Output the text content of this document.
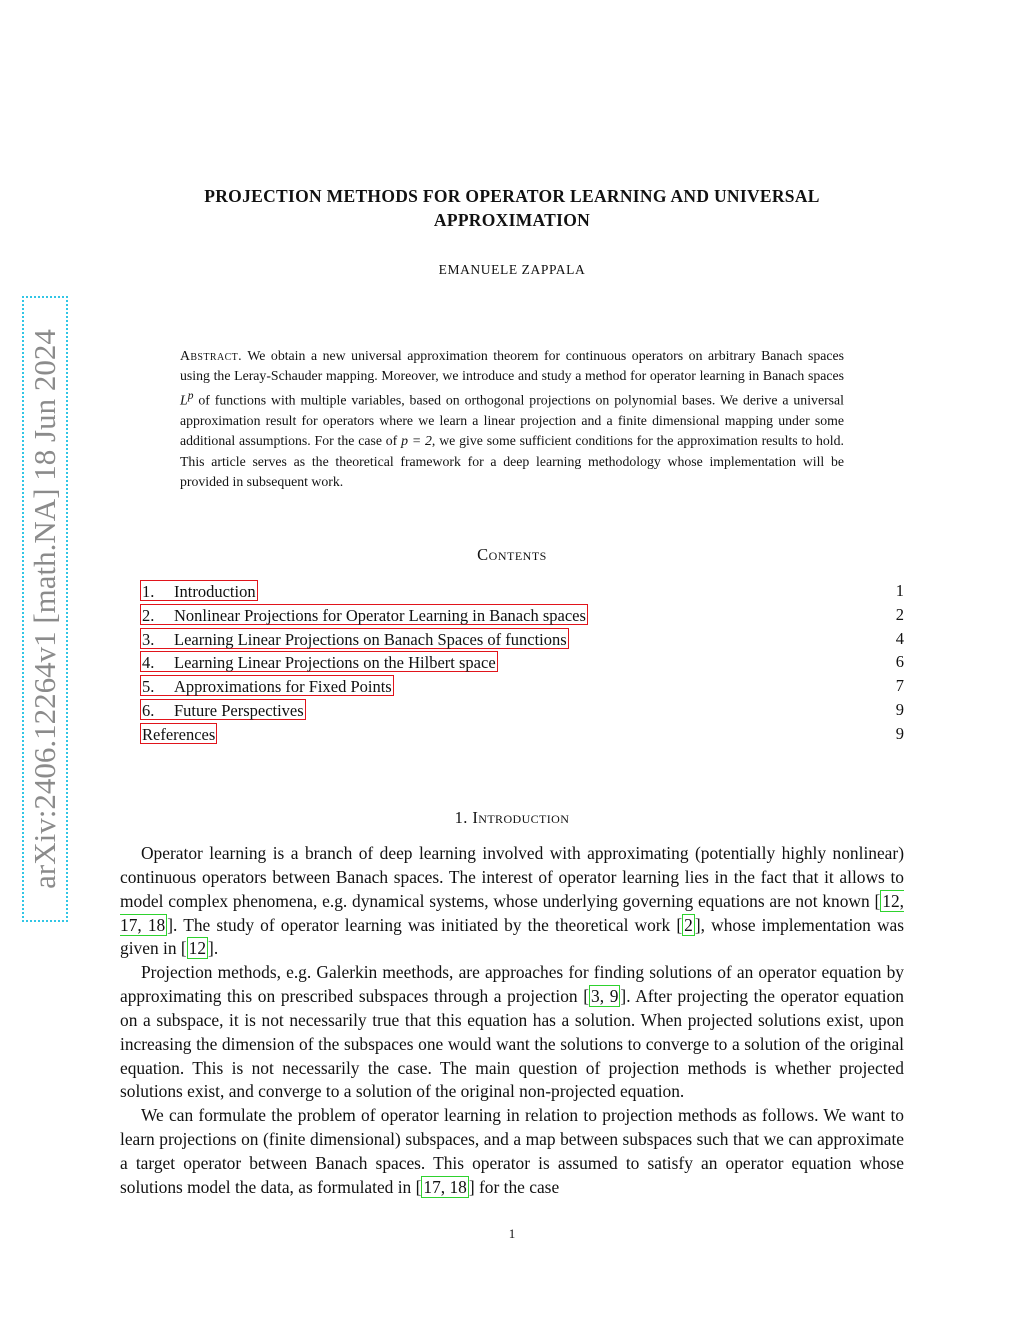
arXiv:2406.12264v1 [math.NA] 18 Jun 2024
PROJECTION METHODS FOR OPERATOR LEARNING AND UNIVERSAL
APPROXIMATION
EMANUELE ZAPPALA
Abstract. We obtain a new universal approximation theorem for continuous operators on arbitrary Banach spaces using the Leray-Schauder mapping. Moreover, we introduce and study a method for operator learning in Banach spaces $L^p$ of functions with multiple variables, based on orthogonal projections on polynomial bases. We derive a universal approximation result for operators where we learn a linear projection and a finite dimensional mapping under some additional assumptions. For the case of p = 2, we give some sufficient conditions for the approximation results to hold. This article serves as the theoretical framework for a deep learning methodology whose implementation will be provided in subsequent work.
Contents
1. Introduction	1
2. Nonlinear Projections for Operator Learning in Banach spaces	2
3. Learning Linear Projections on Banach Spaces of functions	4
4. Learning Linear Projections on the Hilbert space	6
5. Approximations for Fixed Points	7
6. Future Perspectives	9
References	9
1. Introduction

Operator learning is a branch of deep learning involved with approximating (potentially highly nonlinear) continuous operators between Banach spaces. The interest of operator learning lies in the fact that it allows to model complex phenomena, e.g. dynamical systems, whose underlying governing equations are not known [ 12, 17, 18 ]. The study of operator learning was initiated by the theoretical work [ 2 ], whose implementation was given in [ 12 ].

Projection methods, e.g. Galerkin meethods, are approaches for finding solutions of an operator equation by approximating this on prescribed subspaces through a projection [ 3, 9 ]. After projecting the operator equation on a subspace, it is not necessarily true that this equation has a solution. When projected solutions exist, upon increasing the dimension of the subspaces one would want the solutions to converge to a solution of the original equation. This is not necessarily the case. The main question of projection methods is whether projected solutions exist, and converge to a solution of the original non-projected equation.

We can formulate the problem of operator learning in relation to projection methods as follows. We want to learn projections on (finite dimensional) subspaces, and a map between subspaces such that we can approximate a target operator between Banach spaces. This operator is assumed to satisfy an operator equation whose solutions model the data, as formulated in [ 17, 18 ] for the case

1
